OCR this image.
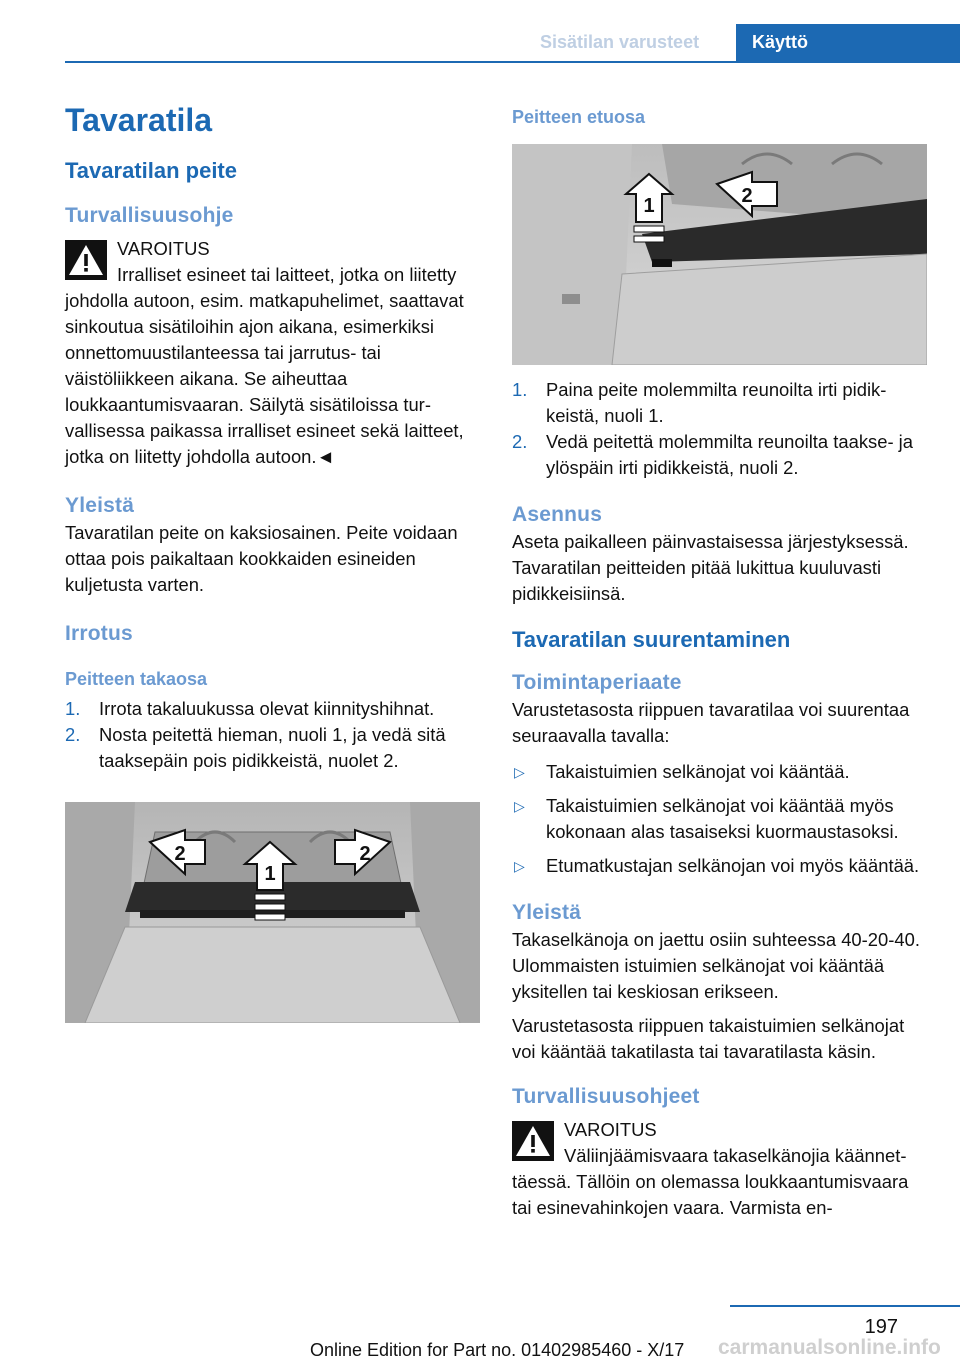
Sisätilan varusteet	Käyttö
Tavaratila
Tavaratilan peite
Turvallisuusohje
VAROITUS

Irralliset esineet tai laitteet, jotka on liitetty johdolla autoon, esim. matkapuhelimet, saattavat sinkoutua sisätiloihin ajon aikana, esimerkiksi onnettomuustilanteessa tai jarrutus- tai väistöliikkeen aikana. Se aiheuttaa loukkaantumisvaaran. Säilytä sisätiloissa turvallisessa paikassa irralliset esineet sekä laitteet, jotka on liitetty johdolla autoon.◄

Yleistä

Tavaratilan peite on kaksiosainen. Peite voidaan ottaa pois paikaltaan kookkaiden esineiden kuljetusta varten.

Irrotus
Peitteen takaosa
1. Irrota takaluukussa olevat kiinnityshihnat.
2. Nosta peitettä hieman, nuoli 1, ja vedä sitä taaksepäin pois pidikkeistä, nuolet 2.
1
2	2
Peitteen etuosa
1	2
1. Paina peite molemmilta reunoilta irti pidikkeistä, nuoli 1.
2. Vedä peitettä molemmilta reunoilta taakse- ja ylöspäin irti pidikkeistä, nuoli 2.
Asennus

Aseta paikalleen päinvastaisessa järjestyksessä. Tavaratilan peitteiden pitää lukittua kuuluvasti pidikkeisiinsä.

Tavaratilan suurentaminen
Toimintaperiaate

Varustetasosta riippuen tavaratilaa voi suurentaa seuraavalla tavalla:

▷ Takaistuimien selkänojat voi kääntää.
▷ Takaistuimien selkänojat voi kääntää myös kokonaan alas tasaiseksi kuormaustasoksi.
▷ Etumatkustajan selkänojan voi myös kääntää.
Yleistä

Takaselkänoja on jaettu osiin suhteessa 40-20-40. Ulommaisten istuimien selkänojat voi kääntää yksitellen tai keskiosan erikseen.

Varustetasosta riippuen takaistuimien selkänojat voi kääntää takatilasta tai tavaratilasta käsin.

Turvallisuusohjeet
VAROITUS

Väliinjäämisvaara takaselkänojia käännettäessä. Tällöin on olemassa loukkaantumisvaara tai esinevahinkojen vaara. Varmista en-

197
carmanualsonline.info
Online Edition for Part no. 01402985460 - X/17
